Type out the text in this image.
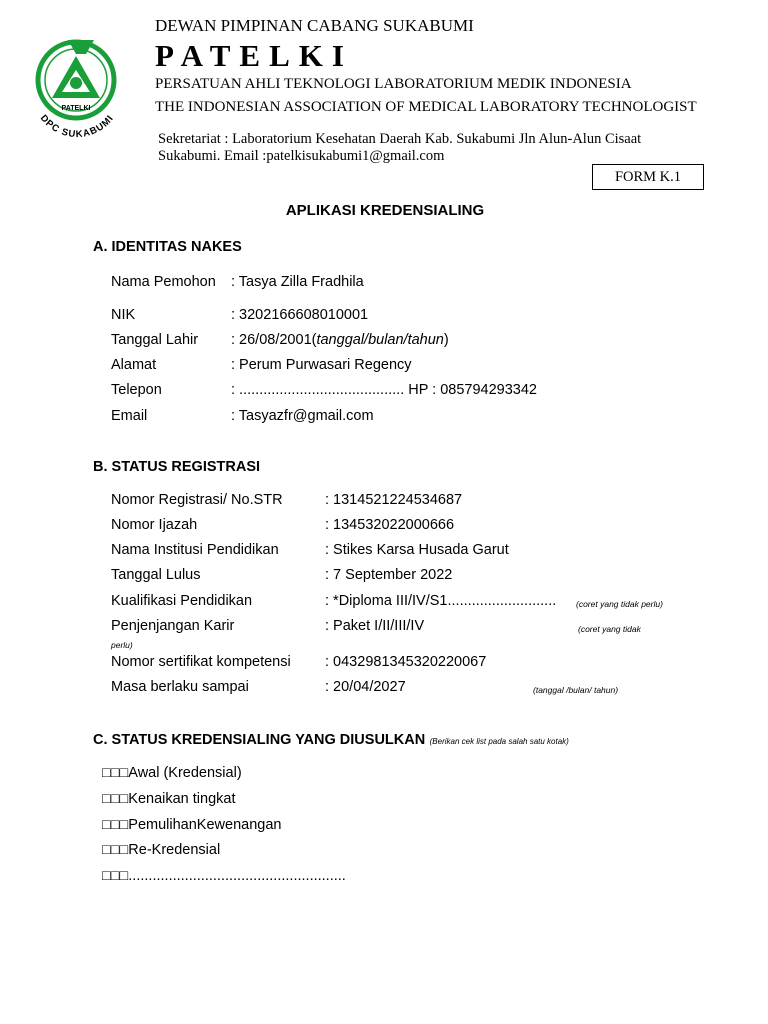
PATELKI
DPC SUKABUMI
DEWAN PIMPINAN CABANG SUKABUMI
PATELKI
PERSATUAN AHLI TEKNOLOGI LABORATORIUM MEDIK INDONESIA
THE INDONESIAN ASSOCIATION OF MEDICAL LABORATORY TECHNOLOGIST
Sekretariat : Laboratorium Kesehatan Daerah Kab. Sukabumi Jln Alun-Alun Cisaat
Sukabumi. Email :patelkisukabumi1@gmail.com
FORM K.1
APLIKASI KREDENSIALING
A. IDENTITAS NAKES
Nama Pemohon : Tasya Zilla Fradhila
NIK	: 3202166608010001
Tanggal Lahir : 26/08/2001(tanggal/bulan/tahun)
Alamat	: Perum Purwasari Regency
Telepon	: ......................................... HP : 085794293342
Email	: Tasyazfr@gmail.com
B. STATUS REGISTRASI
Nomor Registrasi/ No.STR	: 1314521224534687
Nomor Ijazah	: 134532022000666
Nama Institusi Pendidikan	: Stikes Karsa Husada Garut
Tanggal Lulus	: 7 September 2022
Kualifikasi Pendidikan	: *Diploma III/IV/S1........................... (coret yang tidak perlu)
Penjenjangan Karir	: Paket I/II/III/IV	(coret yang tidak
perlu)
Nomor sertifikat kompetensi : 0432981345320220067
Masa berlaku sampai	: 20/04/2027	(tanggal /bulan/ tahun)
C. STATUS KREDENSIALING YANG DIUSULKAN (Berikan cek list pada salah satu kotak)
□□□Awal (Kredensial)
□□□Kenaikan tingkat
□□□PemulihanKewenangan
□□□Re-Kredensial
□□□......................................................
